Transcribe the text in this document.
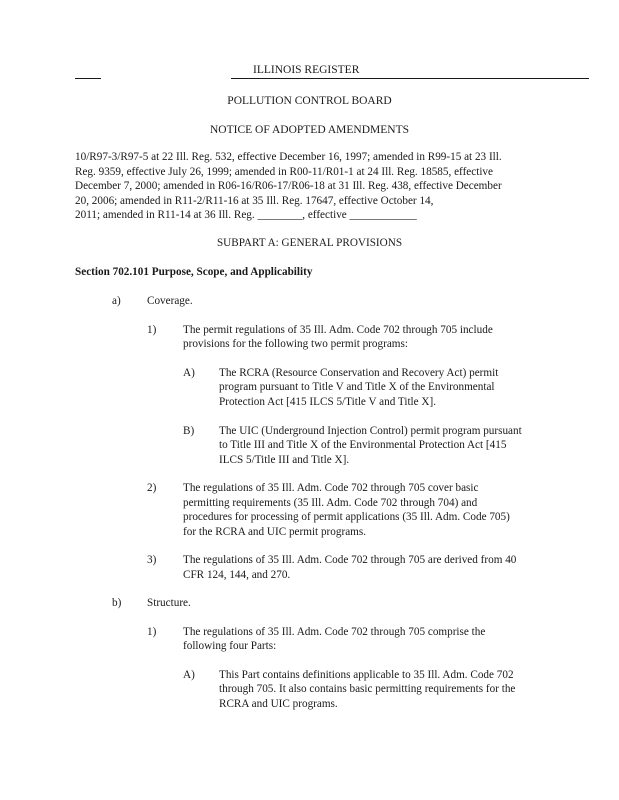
ILLINOIS REGISTER
POLLUTION CONTROL BOARD
NOTICE OF ADOPTED AMENDMENTS
10/R97-3/R97-5 at 22 Ill. Reg. 532, effective December 16, 1997; amended in R99-15 at 23 Ill.
Reg. 9359, effective July 26, 1999; amended in R00-11/R01-1 at 24 Ill. Reg. 18585, effective
December 7, 2000; amended in R06-16/R06-17/R06-18 at 31 Ill. Reg. 438, effective December
20, 2006; amended in R11-2/R11-16 at 35 Ill. Reg. 17647, effective October 14,
2011; amended in R11-14 at 36 Ill. Reg. ________, effective ____________
SUBPART A: GENERAL PROVISIONS
Section 702.101 Purpose, Scope, and Applicability
a) Coverage.
1) The permit regulations of 35 Ill. Adm. Code 702 through 705 include
provisions for the following two permit programs:
A) The RCRA (Resource Conservation and Recovery Act) permit
program pursuant to Title V and Title X of the Environmental
Protection Act [415 ILCS 5/Title V and Title X].
B) The UIC (Underground Injection Control) permit program pursuant
to Title III and Title X of the Environmental Protection Act [415
ILCS 5/Title III and Title X].
2) The regulations of 35 Ill. Adm. Code 702 through 705 cover basic
permitting requirements (35 Ill. Adm. Code 702 through 704) and
procedures for processing of permit applications (35 Ill. Adm. Code 705)
for the RCRA and UIC permit programs.
3) The regulations of 35 Ill. Adm. Code 702 through 705 are derived from 40
CFR 124, 144, and 270.
b) Structure.
1) The regulations of 35 Ill. Adm. Code 702 through 705 comprise the
following four Parts:
A) This Part contains definitions applicable to 35 Ill. Adm. Code 702
through 705. It also contains basic permitting requirements for the
RCRA and UIC programs.
